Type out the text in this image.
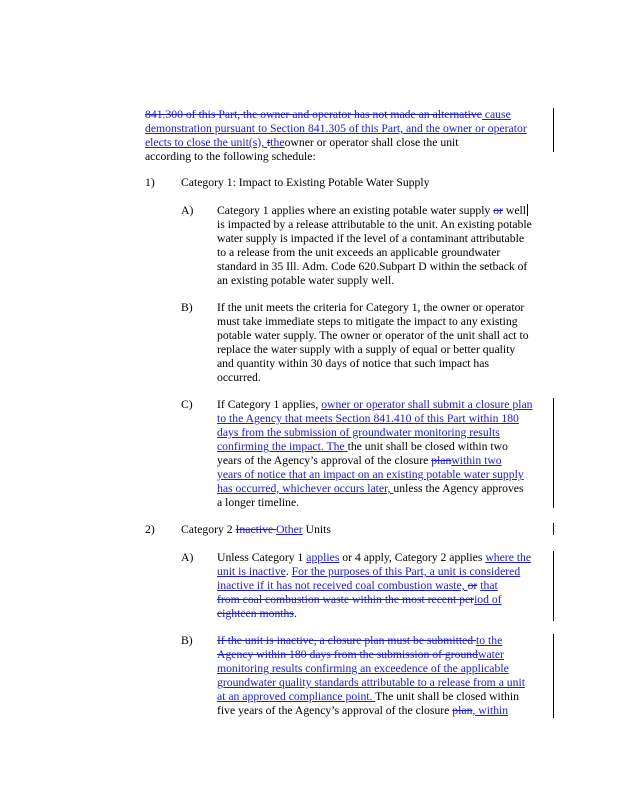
841.300 of this Part, the owner and operator has not made an alternative cause
demonstration pursuant to Section 841.305 of this Part, and the owner or operator
elects to close the unit(s), ttheowner or operator shall close the unit
according to the following schedule:
1) Category 1: Impact to Existing Potable Water Supply
A) Category 1 applies where an existing potable water supply or well
is impacted by a release attributable to the unit. An existing potable
water supply is impacted if the level of a contaminant attributable
to a release from the unit exceeds an applicable groundwater
standard in 35 Ill. Adm. Code 620.Subpart D within the setback of
an existing potable water supply well.
B) If the unit meets the criteria for Category 1, the owner or operator
must take immediate steps to mitigate the impact to any existing
potable water supply. The owner or operator of the unit shall act to
replace the water supply with a supply of equal or better quality
and quantity within 30 days of notice that such impact has
occurred.
C) If Category 1 applies, owner or operator shall submit a closure plan
to the Agency that meets Section 841.410 of this Part within 180
days from the submission of groundwater monitoring results
confirming the impact. The the unit shall be closed within two
years of the Agency’s approval of the closure planwithin two
years of notice that an impact on an existing potable water supply
has occurred, whichever occurs later, unless the Agency approves
a longer timeline.
2) Category 2 Inactive Other Units
A) Unless Category 1 applies or 4 apply, Category 2 applies where the
unit is inactive. For the purposes of this Part, a unit is considered
inactive if it has not received coal combustion waste, or that
from coal combustion waste within the most recent period of
eighteen months.
B) If the unit is inactive, a closure plan must be submitted to the
Agency within 180 days from the submission of groundwater
monitoring results confirming an exceedence of the applicable
groundwater quality standards attributable to a release from a unit
at an approved compliance point. The unit shall be closed within
five years of the Agency’s approval of the closure plan, within
